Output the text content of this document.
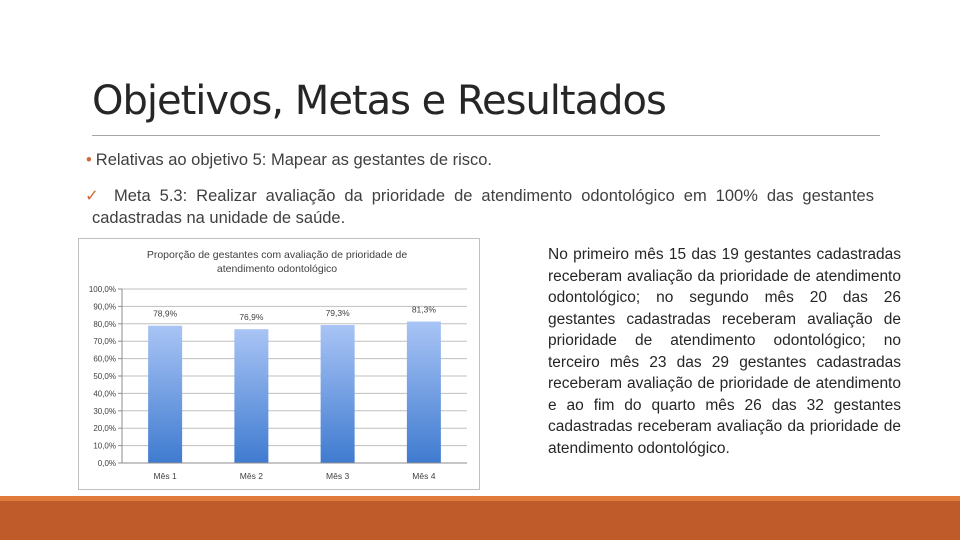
Objetivos, Metas e Resultados
• Relativas ao objetivo 5: Mapear as gestantes de risco.
✓ Meta 5.3: Realizar avaliação da prioridade de atendimento odontológico em 100% das gestantes cadastradas na unidade de saúde.
Proporção de gestantes com avaliação de prioridade de
atendimento odontológico
0,0%
10,0%
20,0%
30,0%
40,0%
50,0%
60,0%
70,0%
80,0%
90,0%
100,0%
78,9%	76,9%	79,3%	81,3%
Mês 1	Mês 2	Mês 3	Mês 4
No primeiro mês 15 das 19 gestantes cadastradas receberam avaliação da prioridade de atendimento odontológico; no segundo mês 20 das 26 gestantes cadastradas receberam avaliação de prioridade de atendimento odontológico; no terceiro mês 23 das 29 gestantes cadastradas receberam avaliação de prioridade de atendimento e ao fim do quarto mês 26 das 32 gestantes cadastradas receberam avaliação da prioridade de atendimento odontológico.
